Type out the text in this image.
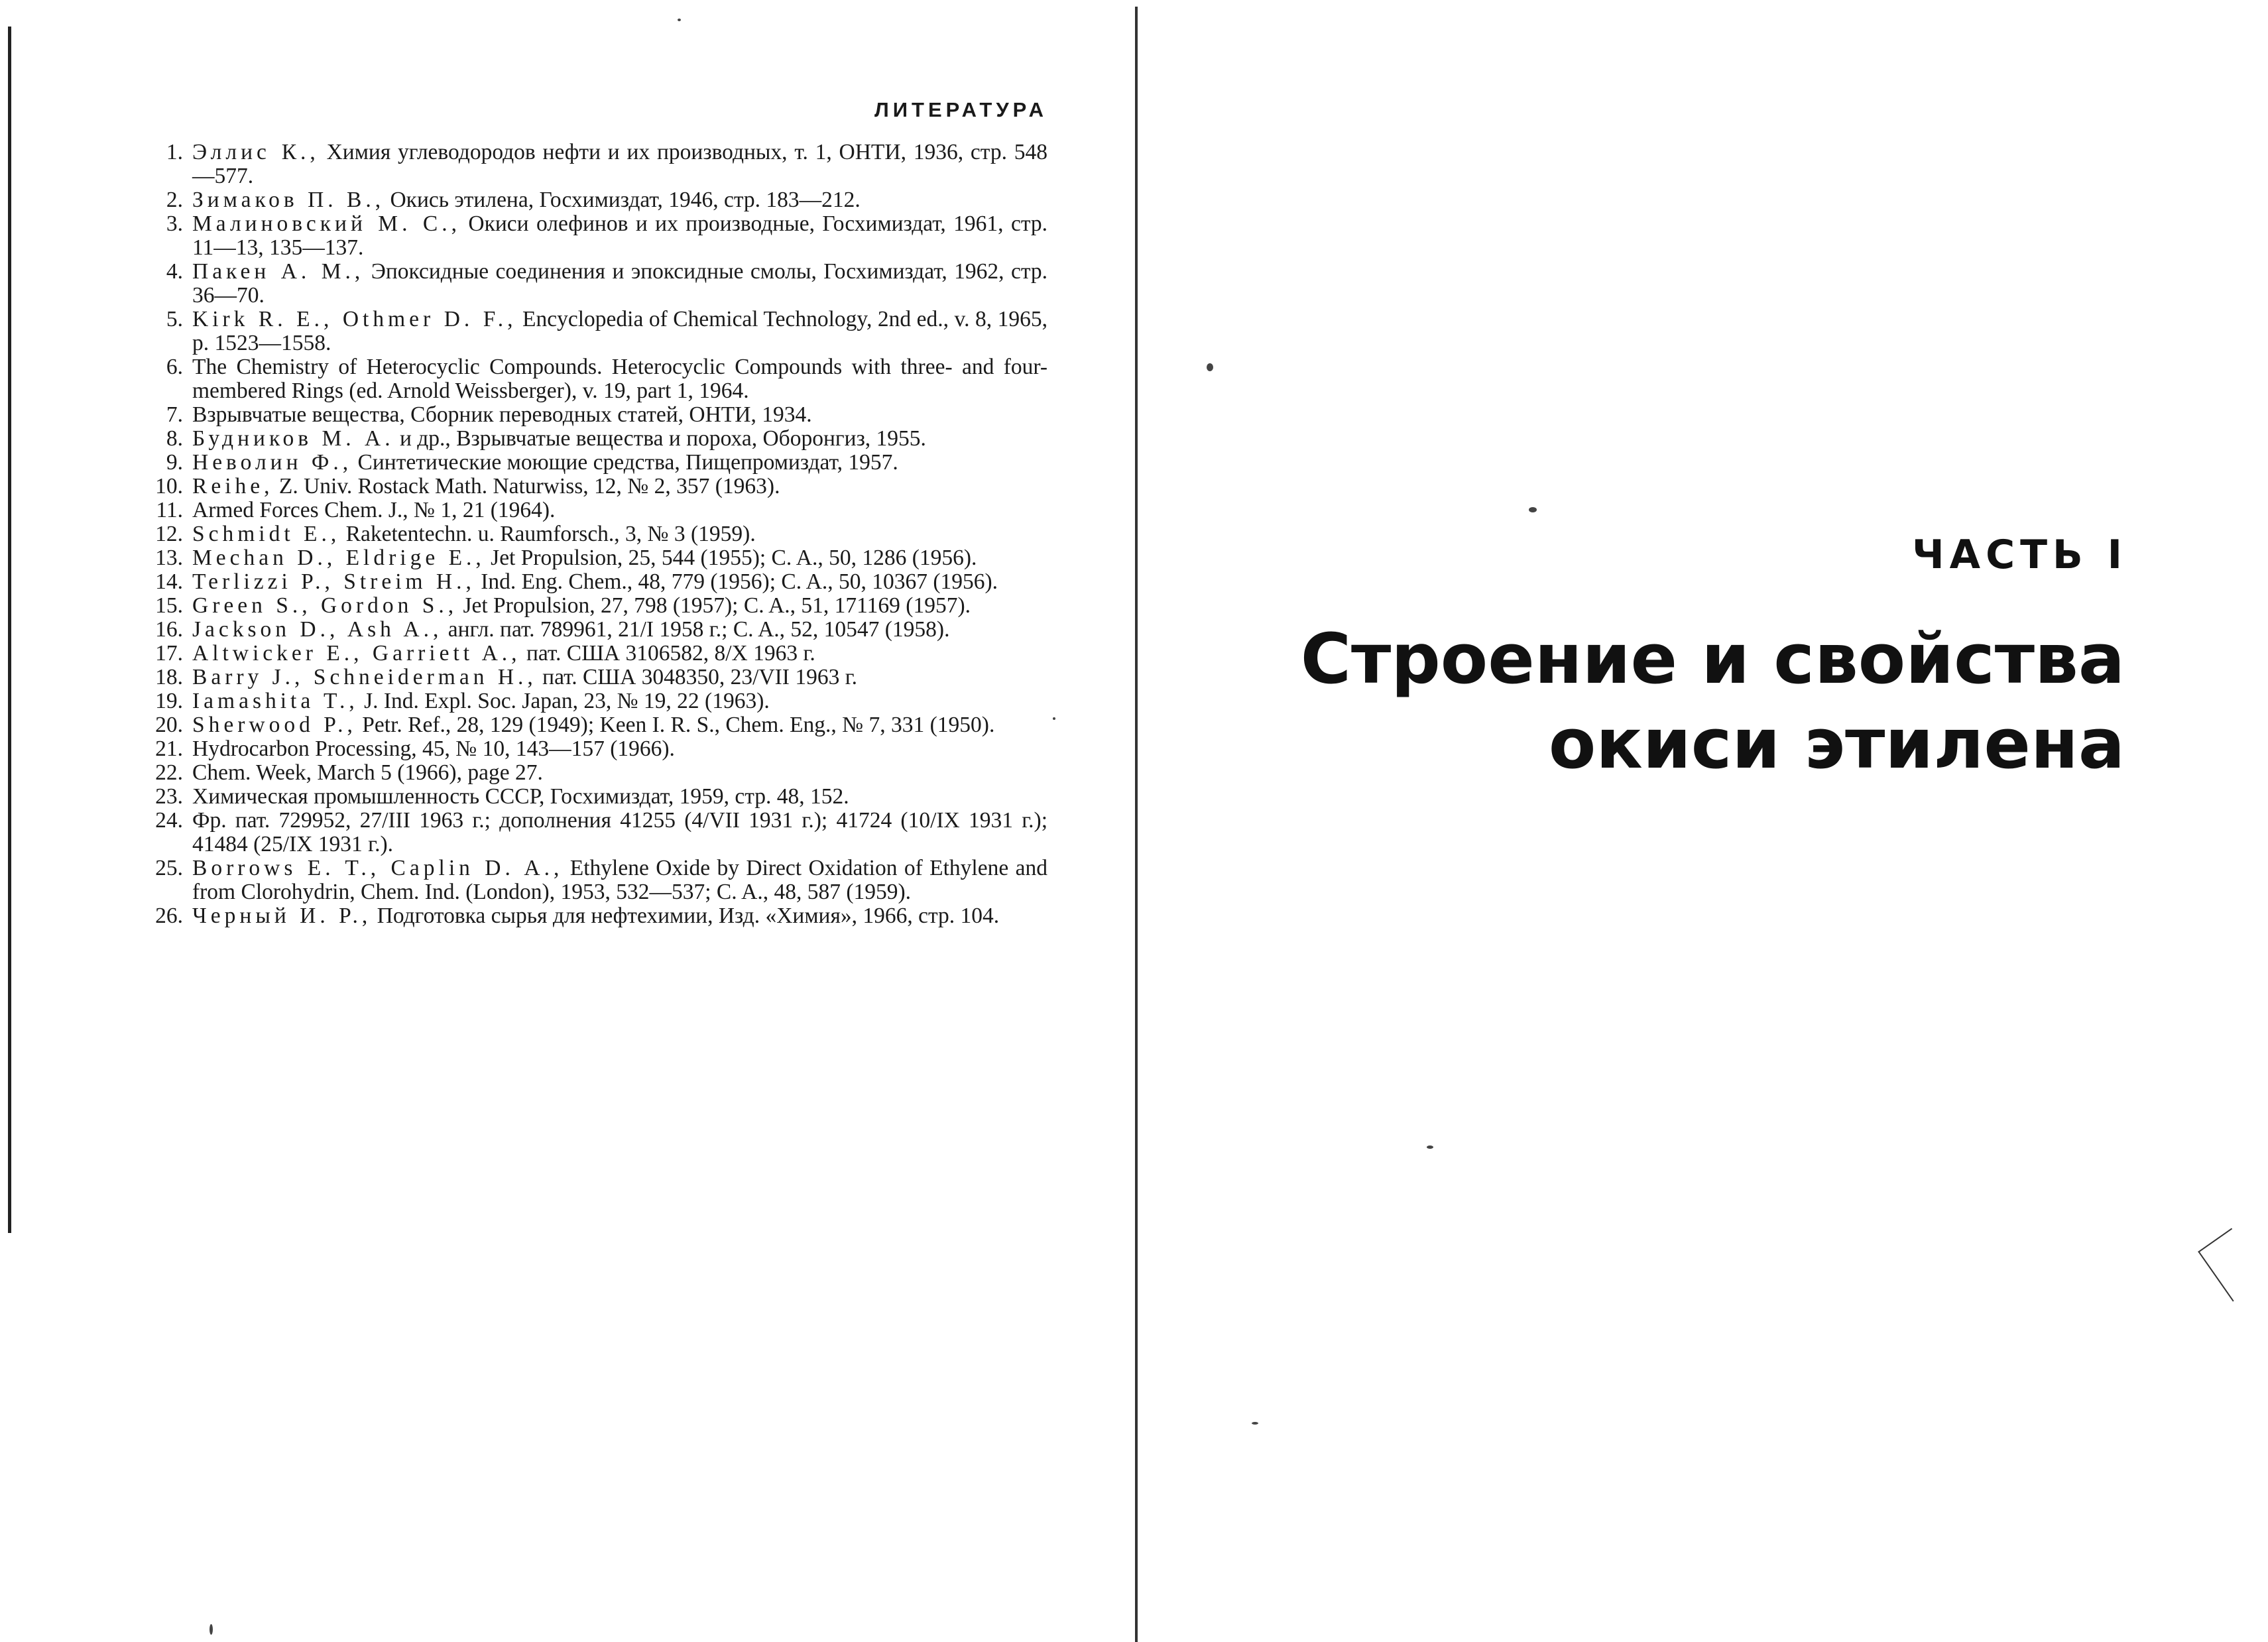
ЛИТЕРАТУРА
1. Эллис К., Химия углеводородов нефти и их производных, т. 1, ОНТИ, 1936, стр. 548—577.
2. Зимаков П. В., Окись этилена, Госхимиздат, 1946, стр. 183—212.
3. Малиновский М. С., Окиси олефинов и их производные, Госхимиздат, 1961, стр. 11—13, 135—137.
4. Пакен А. М., Эпоксидные соединения и эпоксидные смолы, Госхимиздат, 1962, стр. 36—70.
5. Kirk R. E., Othmer D. F., Encyclopedia of Chemical Technology, 2nd ed., v. 8, 1965, p. 1523—1558.
6. The Chemistry of Heterocyclic Compounds. Heterocyclic Compounds with three- and four-membered Rings (ed. Arnold Weissberger), v. 19, part 1, 1964.
7. Взрывчатые вещества, Сборник переводных статей, ОНТИ, 1934.
8. Будников М. А. и др., Взрывчатые вещества и пороха, Оборонгиз, 1955.
9. Неволин Ф., Синтетические моющие средства, Пищепромиздат, 1957.
10. Reihe, Z. Univ. Rostack Math. Naturwiss, 12, № 2, 357 (1963).
11. Armed Forces Chem. J., № 1, 21 (1964).
12. Schmidt E., Raketentechn. u. Raumforsch., 3, № 3 (1959).
13. Mechan D., Eldrige E., Jet Propulsion, 25, 544 (1955); C. A., 50, 1286 (1956).
14. Terlizzi P., Streim H., Ind. Eng. Chem., 48, 779 (1956); C. A., 50, 10367 (1956).
15. Green S., Gordon S., Jet Propulsion, 27, 798 (1957); C. A., 51, 171169 (1957).
16. Jackson D., Ash A., англ. пат. 789961, 21/I 1958 г.; C. A., 52, 10547 (1958).
17. Altwicker E., Garriett A., пат. США 3106582, 8/X 1963 г.
18. Barry J., Schneiderman H., пат. США 3048350, 23/VII 1963 г.
19. Iamashita T., J. Ind. Expl. Soc. Japan, 23, № 19, 22 (1963).
20. Sherwood P., Petr. Ref., 28, 129 (1949); Keen I. R. S., Chem. Eng., № 7, 331 (1950).
21. Hydrocarbon Processing, 45, № 10, 143—157 (1966).
22. Chem. Week, March 5 (1966), page 27.
23. Химическая промышленность СССР, Госхимиздат, 1959, стр. 48, 152.
24. Фр. пат. 729952, 27/III 1963 г.; дополнения 41255 (4/VII 1931 г.); 41724 (10/IX 1931 г.); 41484 (25/IX 1931 г.).
25. Borrows E. T., Caplin D. A., Ethylene Oxide by Direct Oxidation of Ethylene and from Clorohydrin, Chem. Ind. (London), 1953, 532—537; C. A., 48, 587 (1959).
26. Черный И. Р., Подготовка сырья для нефтехимии, Изд. «Химия», 1966, стр. 104.
ЧАСТЬ I
Строение и свойства
окиси этилена
